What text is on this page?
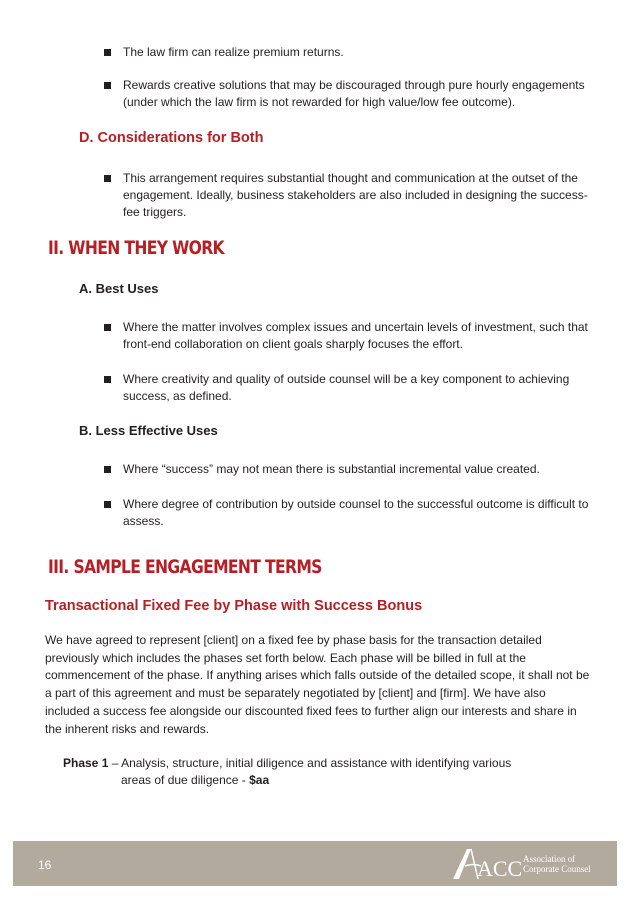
The law firm can realize premium returns.
Rewards creative solutions that may be discouraged through pure hourly engagements (under which the law firm is not rewarded for high value/low fee outcome).
D. Considerations for Both
This arrangement requires substantial thought and communication at the outset of the engagement. Ideally, business stakeholders are also included in designing the success-fee triggers.
II. WHEN THEY WORK
A. Best Uses
Where the matter involves complex issues and uncertain levels of investment, such that front-end collaboration on client goals sharply focuses the effort.
Where creativity and quality of outside counsel will be a key component to achieving success, as defined.
B. Less Effective Uses
Where “success” may not mean there is substantial incremental value created.
Where degree of contribution by outside counsel to the successful outcome is difficult to assess.
III. SAMPLE ENGAGEMENT TERMS
Transactional Fixed Fee by Phase with Success Bonus
We have agreed to represent [client] on a fixed fee by phase basis for the transaction detailed previously which includes the phases set forth below. Each phase will be billed in full at the commencement of the phase. If anything arises which falls outside of the detailed scope, it shall not be a part of this agreement and must be separately negotiated by [client] and [firm]. We have also included a success fee alongside our discounted fixed fees to further align our interests and share in the inherent risks and rewards.
Phase 1 – Analysis, structure, initial diligence and assistance with identifying various
areas of due diligence - $aa
16	ACC Association of
Corporate Counsel
